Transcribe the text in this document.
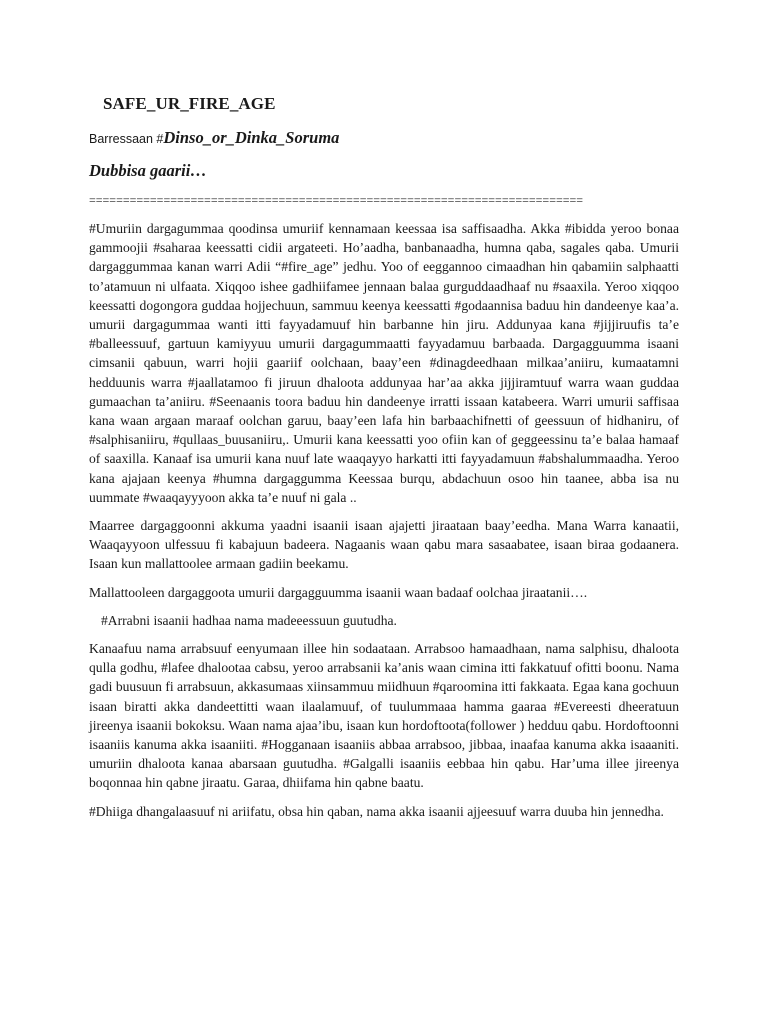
SAFE_UR_FIRE_AGE
Barressaan #Dinso_or_Dinka_Soruma
Dubbisa gaarii…
=========================================================================

#Umuriin dargagummaa qoodinsa umuriif kennamaan keessaa isa saffisaadha. Akka #ibidda yeroo bonaa gammoojii #saharaa keessatti cidii argateeti. Ho’aadha, banbanaadha, humna qaba, sagales qaba. Umurii dargaggummaa kanan warri Adii “#fire_age” jedhu. Yoo of eeggannoo cimaadhan hin qabamiin salphaatti to’atamuun ni ulfaata. Xiqqoo ishee gadhiifamee jennaan balaa gurguddaadhaaf nu #saaxila. Yeroo xiqqoo keessatti dogongora guddaa hojjechuun, sammuu keenya keessatti #godaannisa baduu hin dandeenye kaa’a. umurii dargagummaa wanti itti fayyadamuuf hin barbanne hin jiru. Addunyaa kana #jijjiruufis ta’e #balleessuuf, gartuun kamiyyuu umurii dargagummaatti fayyadamuu barbaada. Dargagguumma isaani cimsanii qabuun, warri hojii gaariif oolchaan, baay’een #dinagdeedhaan milkaa’aniiru, kumaatamni hedduunis warra #jaallatamoo fi jiruun dhaloota addunyaa har’aa akka jijjiramtuuf warra waan guddaa gumaachan ta’aniiru. #Seenaanis toora baduu hin dandeenye irratti issaan katabeera. Warri umurii saffisaa kana waan argaan maraaf oolchan garuu, baay’een lafa hin barbaachifnetti of geessuun of hidhaniru, of #salphisaniiru, #qullaas_buusaniiru,. Umurii kana keessatti yoo ofiin kan of geggeessinu ta’e balaa hamaaf of saaxilla. Kanaaf isa umurii kana nuuf late waaqayyo harkatti itti fayyadamuun #abshalummaadha. Yeroo kana ajajaan keenya #humna dargaggumma Keessaa burqu, abdachuun osoo hin taanee, abba isa nu uummate #waaqayyyoon akka ta’e nuuf ni gala ..

Maarree dargaggoonni akkuma yaadni isaanii isaan ajajetti jiraataan baay’eedha. Mana Warra kanaatii, Waaqayyoon ulfessuu fi kabajuun badeera. Nagaanis waan qabu mara sasaabatee, isaan biraa godaanera. Isaan kun mallattoolee armaan gadiin beekamu.

Mallattooleen dargaggoota umurii dargagguumma isaanii waan badaaf oolchaa jiraatanii….

#Arrabni isaanii hadhaa nama madeeessuun guutudha.

Kanaafuu nama arrabsuuf eenyumaan illee hin sodaataan. Arrabsoo hamaadhaan, nama salphisu, dhaloota qulla godhu, #lafee dhalootaa cabsu, yeroo arrabsanii ka’anis waan cimina itti fakkatuuf ofitti boonu. Nama gadi buusuun fi arrabsuun, akkasumaas xiinsammuu miidhuun #qaroomina itti fakkaata. Egaa kana gochuun isaan biratti akka dandeettitti waan ilaalamuuf, of tuulummaaa hamma gaaraa #Evereesti dheeratuun jireenya isaanii bokoksu. Waan nama ajaa’ibu, isaan kun hordoftoota(follower ) hedduu qabu. Hordoftoonni isaaniis kanuma akka isaaniiti. #Hogganaan isaaniis abbaa arrabsoo, jibbaa, inaafaa kanuma akka isaaaniti. umuriin dhaloota kanaa abarsaan guutudha. #Galgalli isaaniis eebbaa hin qabu. Har’uma illee jireenya boqonnaa hin qabne jiraatu. Garaa, dhiifama hin qabne baatu.

#Dhiiga dhangalaasuuf ni ariifatu, obsa hin qaban, nama akka isaanii ajjeesuuf warra duuba hin jennedha.
